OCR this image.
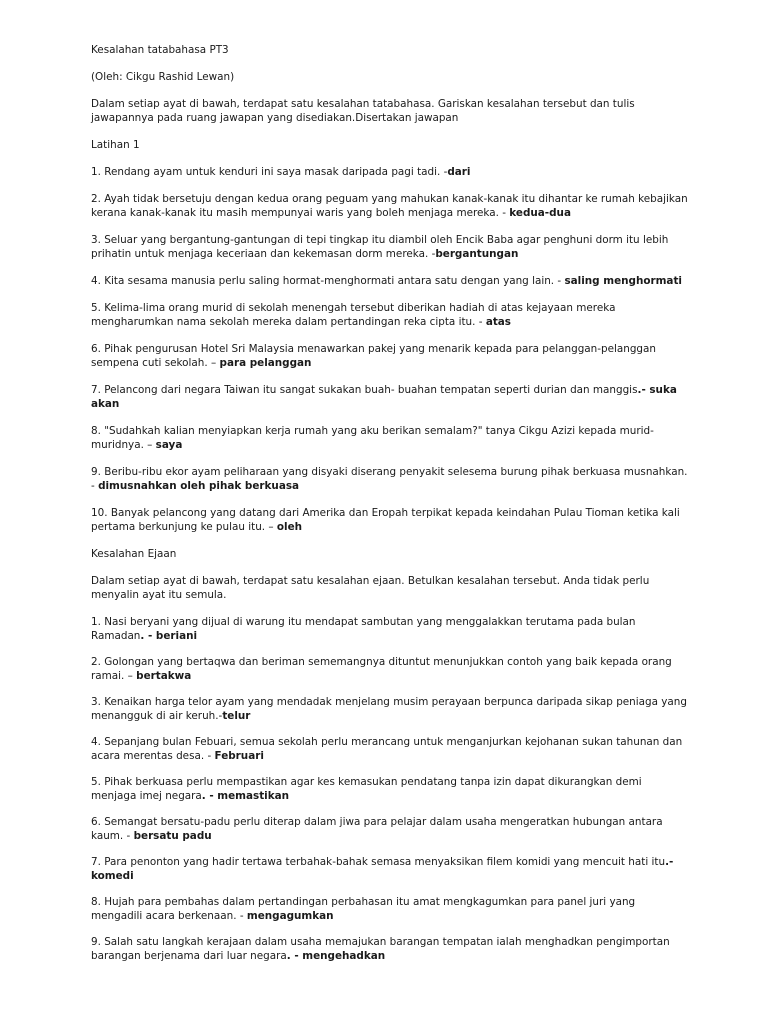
Kesalahan tatabahasa PT3

(Oleh: Cikgu Rashid Lewan)

Dalam setiap ayat di bawah, terdapat satu kesalahan tatabahasa. Gariskan kesalahan tersebut dan tulis jawapannya pada ruang jawapan yang disediakan.Disertakan jawapan

Latihan 1

1. Rendang ayam untuk kenduri ini saya masak daripada pagi tadi. -dari

2. Ayah tidak bersetuju dengan kedua orang peguam yang mahukan kanak-kanak itu dihantar ke rumah kebajikan kerana kanak-kanak itu masih mempunyai waris yang boleh menjaga mereka. - kedua-dua

3. Seluar yang bergantung-gantungan di tepi tingkap itu diambil oleh Encik Baba agar penghuni dorm itu lebih prihatin untuk menjaga keceriaan dan kekemasan dorm mereka. -bergantungan

4. Kita sesama manusia perlu saling hormat-menghormati antara satu dengan yang lain. - saling menghormati

5. Kelima-lima orang murid di sekolah menengah tersebut diberikan hadiah di atas kejayaan mereka mengharumkan nama sekolah mereka dalam pertandingan reka cipta itu. - atas

6. Pihak pengurusan Hotel Sri Malaysia menawarkan pakej yang menarik kepada para pelanggan-pelanggan sempena cuti sekolah. – para pelanggan

7. Pelancong dari negara Taiwan itu sangat sukakan buah- buahan tempatan seperti durian dan manggis.- suka akan

8. "Sudahkah kalian menyiapkan kerja rumah yang aku berikan semalam?" tanya Cikgu Azizi kepada murid-muridnya. – saya

9. Beribu-ribu ekor ayam peliharaan yang disyaki diserang penyakit selesema burung pihak berkuasa musnahkan. - dimusnahkan oleh pihak berkuasa

10. Banyak pelancong yang datang dari Amerika dan Eropah terpikat kepada keindahan Pulau Tioman ketika kali pertama berkunjung ke pulau itu. – oleh

Kesalahan Ejaan

Dalam setiap ayat di bawah, terdapat satu kesalahan ejaan. Betulkan kesalahan tersebut. Anda tidak perlu menyalin ayat itu semula.

1. Nasi beryani yang dijual di warung itu mendapat sambutan yang menggalakkan terutama pada bulan Ramadan. - beriani

2. Golongan yang bertaqwa dan beriman sememangnya dituntut menunjukkan contoh yang baik kepada orang ramai. – bertakwa

3. Kenaikan harga telor ayam yang mendadak menjelang musim perayaan berpunca daripada sikap peniaga yang menangguk di air keruh.-telur

4. Sepanjang bulan Febuari, semua sekolah perlu merancang untuk menganjurkan kejohanan sukan tahunan dan acara merentas desa. - Februari

5. Pihak berkuasa perlu mempastikan agar kes kemasukan pendatang tanpa izin dapat dikurangkan demi menjaga imej negara. - memastikan

6. Semangat bersatu-padu perlu diterap dalam jiwa para pelajar dalam usaha mengeratkan hubungan antara kaum. - bersatu padu

7. Para penonton yang hadir tertawa terbahak-bahak semasa menyaksikan filem komidi yang mencuit hati itu.- komedi

8. Hujah para pembahas dalam pertandingan perbahasan itu amat mengkagumkan para panel juri yang mengadili acara berkenaan. - mengagumkan

9. Salah satu langkah kerajaan dalam usaha memajukan barangan tempatan ialah menghadkan pengimportan barangan berjenama dari luar negara. - mengehadkan
